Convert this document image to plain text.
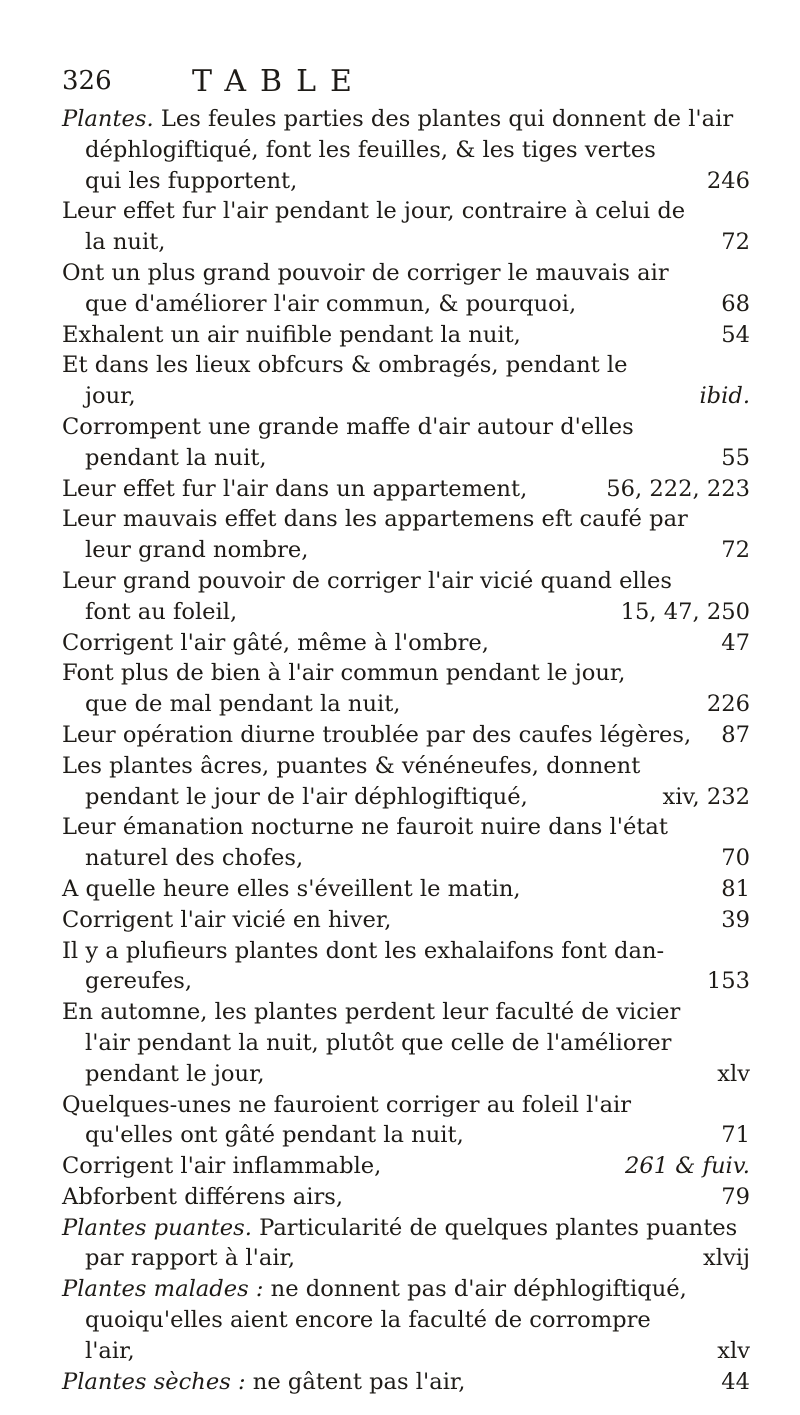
326	TABLE
Plantes. Les feules parties des plantes qui donnent de l'air
déphlogiftiqué, font les feuilles, & les tiges vertes
qui les fupportent,	246
Leur effet fur l'air pendant le jour, contraire à celui de
la nuit,	72
Ont un plus grand pouvoir de corriger le mauvais air
que d'améliorer l'air commun, & pourquoi,	68
Exhalent un air nuifible pendant la nuit,	54
Et dans les lieux obfcurs & ombragés, pendant le
jour,	ibid.
Corrompent une grande maffe d'air autour d'elles
pendant la nuit,	55
Leur effet fur l'air dans un appartement,	56, 222, 223
Leur mauvais effet dans les appartemens eft caufé par
leur grand nombre,	72
Leur grand pouvoir de corriger l'air vicié quand elles
font au foleil,	15, 47, 250
Corrigent l'air gâté, même à l'ombre,	47
Font plus de bien à l'air commun pendant le jour,
que de mal pendant la nuit,	226
Leur opération diurne troublée par des caufes légères, 87
Les plantes âcres, puantes & vénéneufes, donnent
pendant le jour de l'air déphlogiftiqué,	xiv, 232
Leur émanation nocturne ne fauroit nuire dans l'état
naturel des chofes,	70
A quelle heure elles s'éveillent le matin,	81
Corrigent l'air vicié en hiver,	39
Il y a plufieurs plantes dont les exhalaifons font dan-
gereufes,	153
En automne, les plantes perdent leur faculté de vicier
l'air pendant la nuit, plutôt que celle de l'améliorer
pendant le jour,	xlv
Quelques-unes ne fauroient corriger au foleil l'air
qu'elles ont gâté pendant la nuit,	71
Corrigent l'air inflammable,	261 & fuiv.
Abforbent différens airs,	79
Plantes puantes. Particularité de quelques plantes puantes
par rapport à l'air,	xlvij
Plantes malades : ne donnent pas d'air déphlogiftiqué,
quoiqu'elles aient encore la faculté de corrompre
l'air,	xlv
Plantes sèches : ne gâtent pas l'air,	44
